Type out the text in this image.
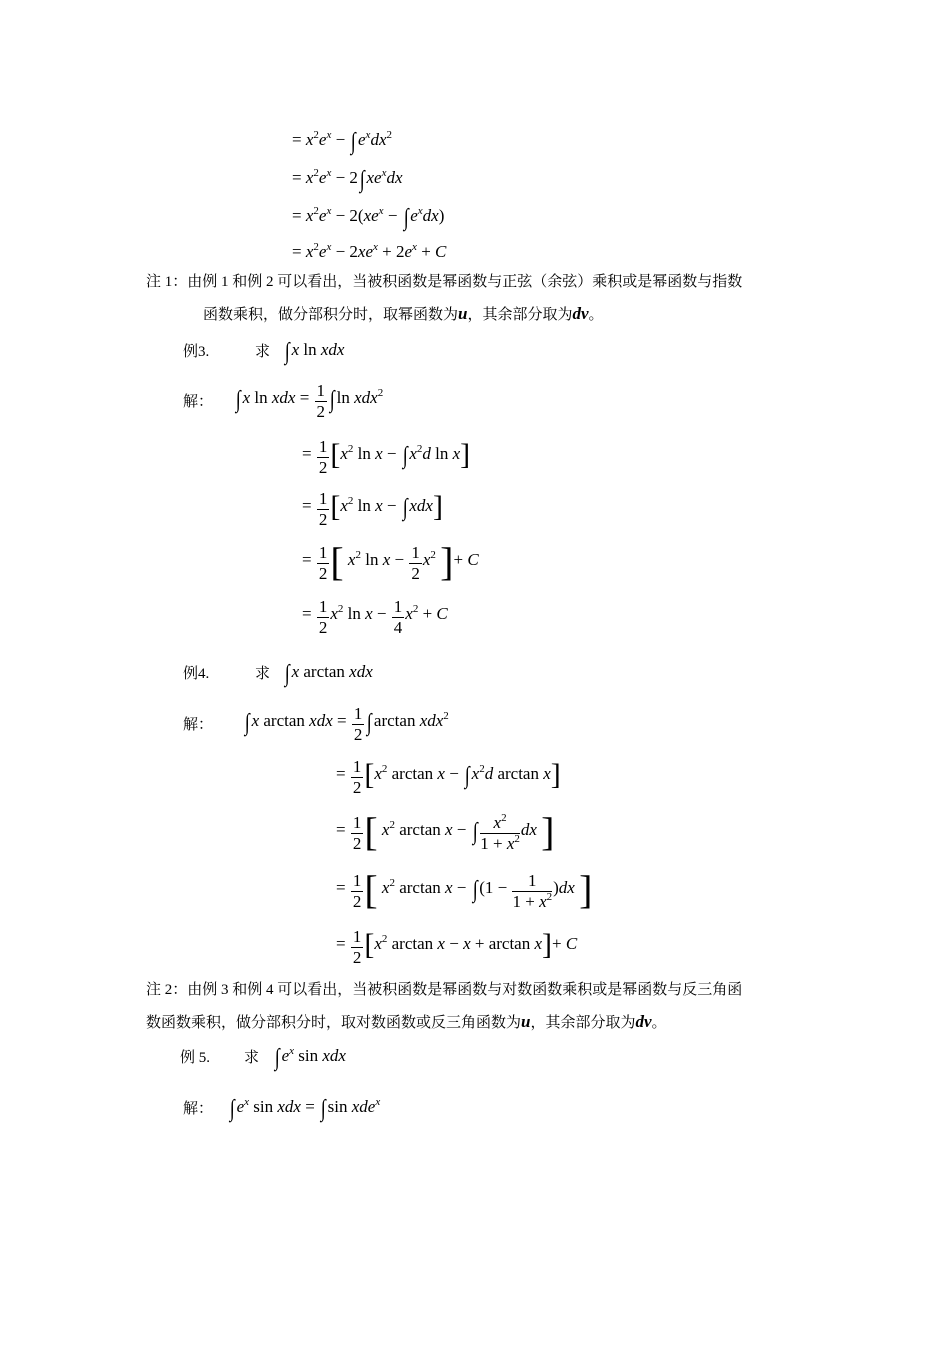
= $x^2e^x$ − ∫ $e^xdx^2$
= $x^2e^x - 2\int$ $xe^xdx$
= $x^2e^x - 2(xe^x$ − ∫ $e^xdx$)
= $x^2e^x - 2xe^x + 2e^x + C$
注 1：由例 1 和例 2 可以看出，当被积函数是幂函数与正弦（余弦）乘积或是幂函数与指数
函数乘积，做分部积分时，取幂函数为u，其余部分取为dv。
例3.	求 ∫ x ln xdx
解： ∫ x ln xdx = $\frac{1}{2}$ ∫ ln xdx$^2$
= $\frac{1}{2} [x^2$ ln x − ∫ $x^2d$ ln x]
= $\frac{1}{2} [x^2$ ln x − ∫ xdx]
= $\frac{1}{2}$ [ $x^2$ $\ln x - \frac{1}{2} x^2$ ]+ C
= $\frac{1}{2} x^2$ $\ln x - \frac{1}{4} x^2 + C$
例4.	求 ∫ x arctan xdx
解： ∫ x arctan xdx = $\frac{1}{2}$ ∫ arctan xdx$^2$
= $\frac{1}{2} [x^2$ arctan x − ∫ $x^2d$ arctan x]
= $\frac{1}{2}$ [ $x^2$ arctan x − ∫ $\frac{x^2}{1 + x^2}$ dx ]
= $\frac{1}{2}$ [ $x^2$ arctan x − ∫ $(1 - \frac{1}{1 + x^2} )dx$ ]
= $\frac{1}{2} [x^2$ arctan x − x + arctan x]+ C
注 2：由例 3 和例 4 可以看出，当被积函数是幂函数与对数函数乘积或是幂函数与反三角函
数函数乘积，做分部积分时，取对数函数或反三角函数为u，其余部分取为dv。
例 5. 求 ∫ $e^x$ sin xdx
解： ∫ $e^x$ sin xdx = ∫ sin xde$^x$
